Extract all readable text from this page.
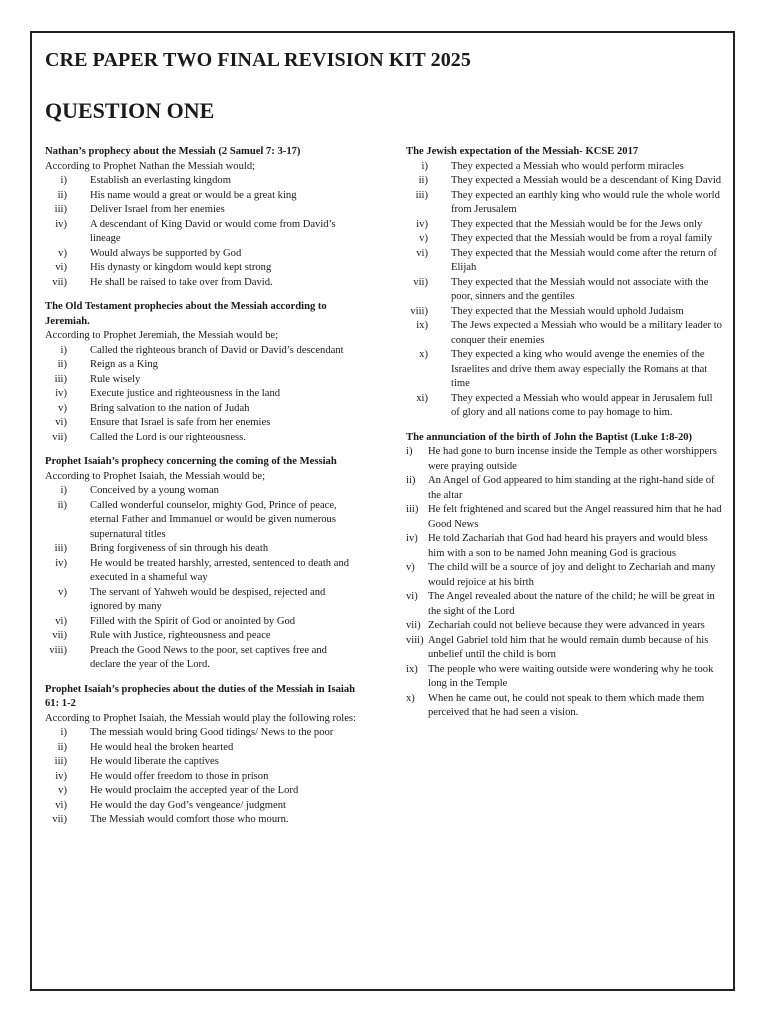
CRE PAPER TWO FINAL REVISION KIT 2025
QUESTION ONE

Nathan’s prophecy about the Messiah (2 Samuel 7: 3-17)

According to Prophet Nathan the Messiah would;

i) Establish an everlasting kingdom
ii) His name would a great or would be a great king
iii) Deliver Israel from her enemies
iv) A descendant of King David or would come from David’s lineage
v) Would always be supported by God
vi) His dynasty or kingdom would kept strong
vii) He shall be raised to take over from David.

The Old Testament prophecies about the Messiah according to Jeremiah.

According to Prophet Jeremiah, the Messiah would be;

i) Called the righteous branch of David or David’s descendant
ii) Reign as a King
iii) Rule wisely
iv) Execute justice and righteousness in the land
v) Bring salvation to the nation of Judah
vi) Ensure that Israel is safe from her enemies
vii) Called the Lord is our righteousness.

Prophet Isaiah’s prophecy concerning the coming of the Messiah

According to Prophet Isaiah, the Messiah would be;

i) Conceived by a young woman
ii) Called wonderful counselor, mighty God, Prince of peace, eternal Father and Immanuel or would be given numerous supernatural titles
iii) Bring forgiveness of sin through his death
iv) He would be treated harshly, arrested, sentenced to death and executed in a shameful way
v) The servant of Yahweh would be despised, rejected and ignored by many
vi) Filled with the Spirit of God or anointed by God
vii) Rule with Justice, righteousness and peace
viii) Preach the Good News to the poor, set captives free and declare the year of the Lord.

Prophet Isaiah’s prophecies about the duties of the Messiah in Isaiah 61: 1-2

According to Prophet Isaiah, the Messiah would play the following roles:

i) The messiah would bring Good tidings/ News to the poor
ii) He would heal the broken hearted
iii) He would liberate the captives
iv) He would offer freedom to those in prison
v) He would proclaim the accepted year of the Lord
vi) He would the day God’s vengeance/ judgment
vii) The Messiah would comfort those who mourn.

The Jewish expectation of the Messiah- KCSE 2017

i) They expected a Messiah who would perform miracles
ii) They expected a Messiah would be a descendant of King David
iii) They expected an earthly king who would rule the whole world from Jerusalem
iv) They expected that the Messiah would be for the Jews only
v) They expected that the Messiah would be from a royal family
vi) They expected that the Messiah would come after the return of Elijah
vii) They expected that the Messiah would not associate with the poor, sinners and the gentiles
viii) They expected that the Messiah would uphold Judaism
ix) The Jews expected a Messiah who would be a military leader to conquer their enemies
x) They expected a king who would avenge the enemies of the Israelites and drive them away especially the Romans at that time
xi) They expected a Messiah who would appear in Jerusalem full of glory and all nations come to pay homage to him.

The annunciation of the birth of John the Baptist (Luke 1:8-20)

i) He had gone to burn incense inside the Temple as other worshippers were praying outside
ii) An Angel of God appeared to him standing at the right-hand side of the altar
iii) He felt frightened and scared but the Angel reassured him that he had Good News
iv) He told Zachariah that God had heard his prayers and would bless him with a son to be named John meaning God is gracious
v) The child will be a source of joy and delight to Zechariah and many would rejoice at his birth
vi) The Angel revealed about the nature of the child; he will be great in the sight of the Lord
vii) Zechariah could not believe because they were advanced in years
viii) Angel Gabriel told him that he would remain dumb because of his unbelief until the child is born
ix) The people who were waiting outside were wondering why he took long in the Temple
x) When he came out, he could not speak to them which made them perceived that he had seen a vision.
